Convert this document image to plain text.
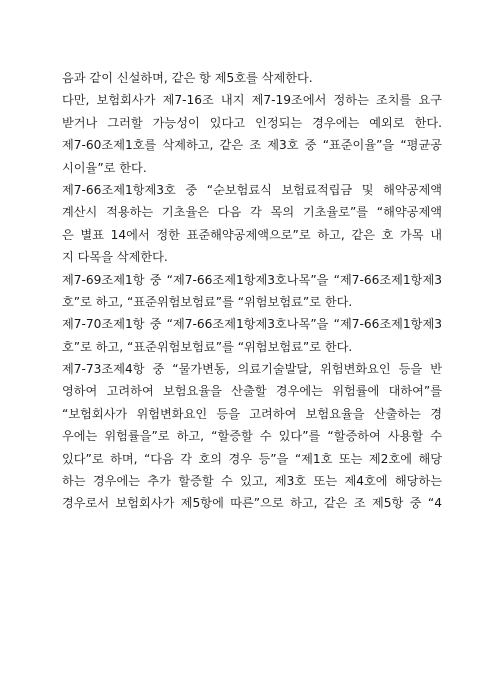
음과 같이 신설하며, 같은 항 제5호를 삭제한다.
다만, 보험회사가 제7-16조 내지 제7-19조에서 정하는 조치를 요구
받거나 그러할 가능성이 있다고 인정되는 경우에는 예외로 한다.
제7-60조제1호를 삭제하고, 같은 조 제3호 중 “표준이율”을 “평균공
시이율”로 한다.
제7-66조제1항제3호 중 “순보험료식 보험료적립금 및 해약공제액
계산시 적용하는 기초율은 다음 각 목의 기초율로”를 “해약공제액
은 별표 14에서 정한 표준해약공제액으로”로 하고, 같은 호 가목 내
지 다목을 삭제한다.
제7-69조제1항 중 “제7-66조제1항제3호나목”을 “제7-66조제1항제3
호”로 하고, “표준위험보험료”를 “위험보험료”로 한다.
제7-70조제1항 중 “제7-66조제1항제3호나목”을 “제7-66조제1항제3
호”로 하고, “표준위험보험료”를 “위험보험료”로 한다.
제7-73조제4항 중 “물가변동, 의료기술발달, 위험변화요인 등을 반
영하여 고려하여 보험요율을 산출할 경우에는 위험률에 대하여”를
“보험회사가 위험변화요인 등을 고려하여 보험요율을 산출하는 경
우에는 위험률을”로 하고, “할증할 수 있다”를 “할증하여 사용할 수
있다”로 하며, “다음 각 호의 경우 등”을 “제1호 또는 제2호에 해당
하는 경우에는 추가 할증할 수 있고, 제3호 또는 제4호에 해당하는
경우로서 보험회사가 제5항에 따른”으로 하고, 같은 조 제5항 중 “4
